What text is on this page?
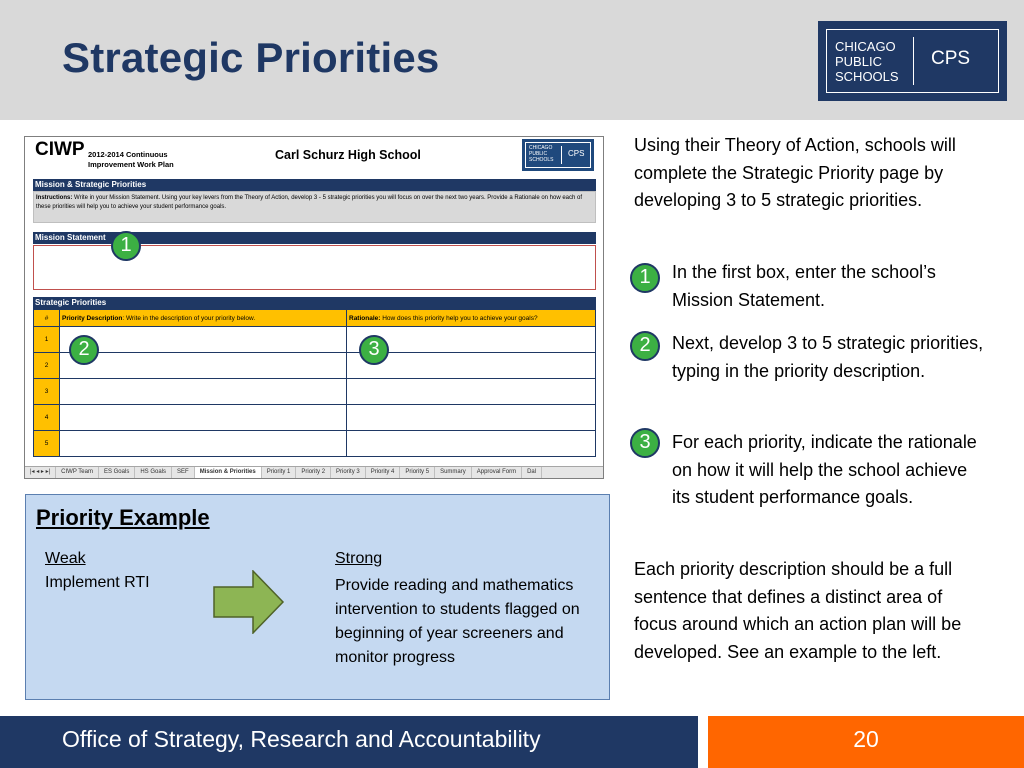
Strategic Priorities	CHICAGO
PUBLIC
SCHOOLS
CPS
CIWP 2012-2014 Continuous
Improvement Work Plan
Carl Schurz High School	CHICAGO
PUBLIC
SCHOOLS
CPS
Mission & Strategic Priorities
Instructions: Write in your Mission Statement. Using your key levers from the Theory of Action, develop 3 - 5 strategic priorities you will focus on over the next two years. Provide a Rationale on how each of these priorities will help you to achieve your student performance goals.
Mission Statement
Strategic Priorities
#	Priority Description: Write in the description of your priority below.	Rationale: How does this priority help you to achieve your goals?
1		
2		
3		
4		
5		
|◂ ◂ ▸ ▸| CIWP Team ES Goals HS Goals SEF Mission & Priorities Priority 1 Priority 2 Priority 3 Priority 4 Priority 5 Summary Approval Form Dal
1
2	3
Priority Example
Weak
Implement RTI
Strong
Provide reading and mathematics intervention to students flagged on beginning of year screeners and monitor progress
Using their Theory of Action, schools will complete the Strategic Priority page by developing 3 to 5 strategic priorities.
1	In the first box, enter the school’s Mission Statement.
2	Next, develop 3 to 5 strategic priorities, typing in the priority description.
3	For each priority, indicate the rationale on how it will help the school achieve its student performance goals.
Each priority description should be a full sentence that defines a distinct area of focus around which an action plan will be developed. See an example to the left.
Office of Strategy, Research and Accountability	20
